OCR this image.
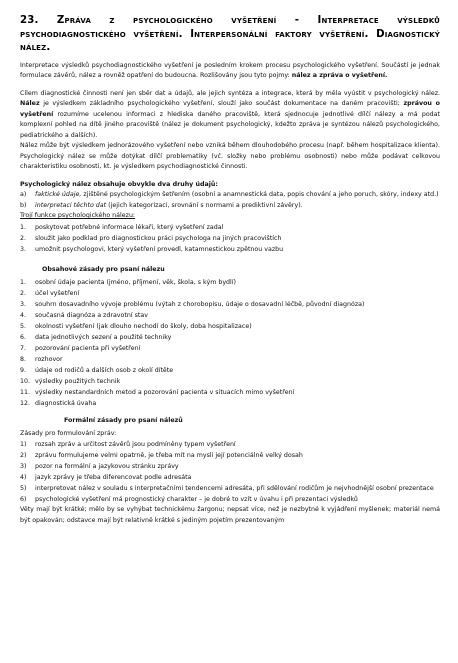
23. Zpráva z psychologického vyšetření - Interpretace výsledků psychodiagnostického vyšetření. Interpersonální faktory vyšetření. Diagnostický nález.

Interpretace výsledků psychodiagnostického vyšetření je posledním krokem procesu psychologického vyšetření. Součástí je jednak formulace závěrů, nález a rovněž opatření do budoucna. Rozlišovány jsou tyto pojmy: nález a zpráva o vyšetření.

Cílem diagnostické činnosti není jen sběr dat a údajů, ale jejich syntéza a integrace, která by měla vyústit v psychologický nález. Nález je výsledkem základního psychologického vyšetření, slouží jako součást dokumentace na daném pracovišti; zprávou o vyšetření rozumíme ucelenou informaci z hlediska daného pracoviště, která sjednocuje jednotlivé dílčí nálezy a má podat komplexní pohled na dítě jiného pracoviště (nález je dokument psychologický, kdežto zpráva je syntézou nálezů psychologického, pediatrického a dalších).

Nález může být výsledkem jednorázového vyšetření nebo vzniká během dlouhodobého procesu (např. během hospitalizace klienta). Psychologický nález se může dotýkat dílčí problematiky (vč. složky nebo problému osobnosti) nebo může podávat celkovou charakteristiku osobnosti, kt. je výsledkem psychodiagnostické činnosti.

Psychologický nález obsahuje obvykle dva druhy údajů:

a)	faktické údaje, zjištěné psychologickým šetřením (osobní a anamnestická data, popis chování a jeho poruch, skóry, indexy atd.)
b)	interpretaci těchto dat (jejich kategorizaci, srovnání s normami a prediktivní závěry).

Trojí funkce psychologického nálezu:

1.	poskytovat potřebné informace lékaři, který vyšetření zadal
2.	sloužit jako podklad pro diagnostickou práci psychologa na jiných pracovištích
3.	umožnit psychologovi, který vyšetření provedl, katamnestickou zpětnou vazbu

Obsahové zásady pro psaní nálezu

1.	osobní údaje pacienta (jméno, příjmení, věk, škola, s kým bydlí)
2.	účel vyšetření
3.	souhrn dosavadního vývoje problému (výtah z chorobopisu, údaje o dosavadní léčbě, původní diagnóza)
4.	současná diagnóza a zdravotní stav
5.	okolnosti vyšetření (jak dlouho nechodí do školy, doba hospitalizace)
6.	data jednotlivých sezení a použité techniky
7.	pozorování pacienta při vyšetření
8.	rozhovor
9.	údaje od rodičů a dalších osob z okolí dítěte
10. výsledky použitých technik
11. výsledky nestandardních metod a pozorování pacienta v situacích mimo vyšetření
12. diagnostická úvaha

Formální zásady pro psaní nálezů

Zásady pro formulování zpráv:

1)	rozsah zpráv a určitost závěrů jsou podmíněny typem vyšetření
2)	zprávu formulujeme velmi opatrně, je třeba mít na mysli její potenciálně velký dosah
3)	pozor na formální a jazykovou stránku zprávy
4)	jazyk zprávy je třeba diferencovat podle adresáta
5)	interpretovat nález v souladu s interpretačními tendencemi adresáta, při sdělování rodičům je nejvhodnější osobní prezentace
6)	psychologické vyšetření má prognostický charakter – je dobré to vzít v úvahu i při prezentaci výsledků

Věty mají být krátké; mělo by se vyhýbat technickému žargonu; nepsat více, než je nezbytné k vyjádření myšlenek; materiál nemá být opakován; odstavce mají být relativně krátké s jediným pojetím prezentovaným
